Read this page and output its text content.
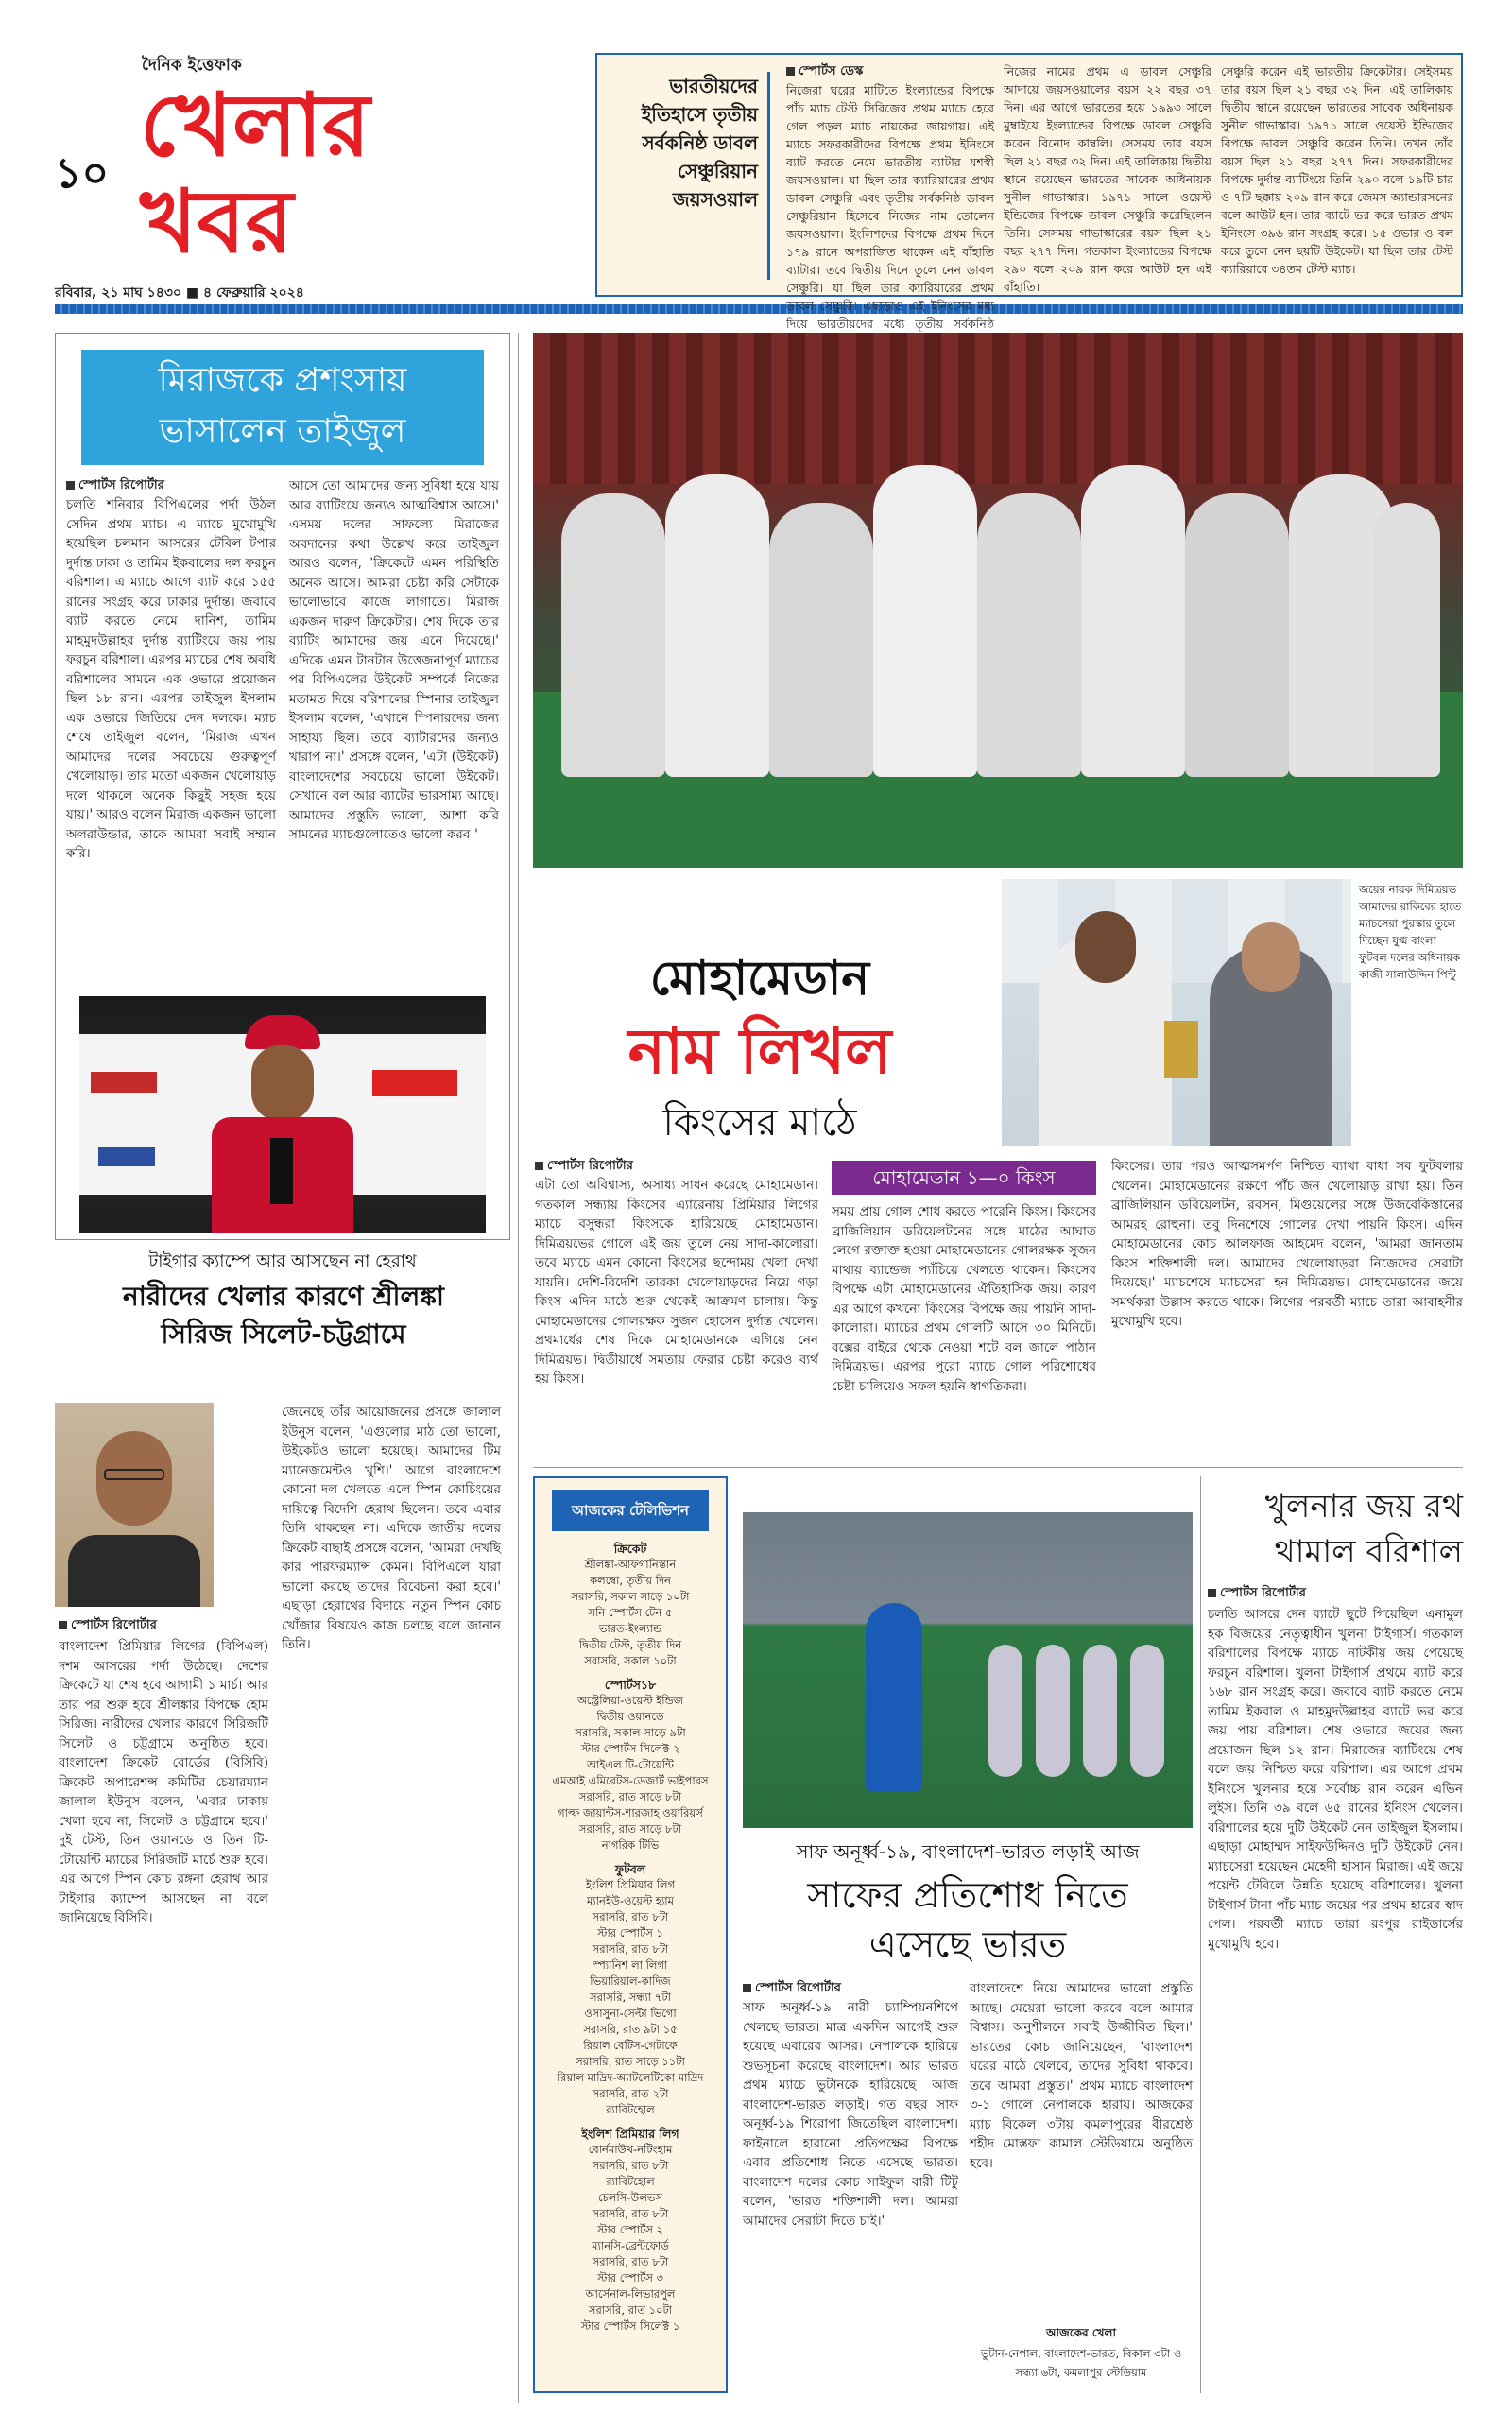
১০
দৈনিক ইত্তেফাক
খেলার
খবর
রবিবার, ২১ মাঘ ১৪৩০ ■ ৪ ফেব্রুয়ারি ২০২৪
ভারতীয়দের ইতিহাসে তৃতীয় সর্বকনিষ্ঠ ডাবল সেঞ্চুরিয়ান জয়সওয়াল
স্পোর্টস ডেস্ক
নিজেরা ঘরের মাটিতে ইংল্যান্ডের বিপক্ষে পাঁচ ম্যাচ টেস্ট সিরিজের প্রথম ম্যাচে হেরে গেল পড়ল ম্যাচ নায়কের জায়গায়। এই ম্যাচে সফরকারীদের বিপক্ষে প্রথম ইনিংসে ব্যাট করতে নেমে ভারতীয় ব্যাটার যশস্বী জয়সওয়াল। যা ছিল তার ক্যারিয়ারের প্রথম ডাবল সেঞ্চুরি এবং তৃতীয় সর্বকনিষ্ঠ ডাবল সেঞ্চুরিয়ান হিসেবে নিজের নাম তোলেন জয়সওয়াল। ইংলিশদের বিপক্ষে প্রথম দিনে ১৭৯ রানে অপরাজিত থাকেন এই বাঁহাতি ব্যাটার। তবে দ্বিতীয় দিনে তুলে নেন ডাবল সেঞ্চুরি। যা ছিল তার ক্যারিয়ারের প্রথম ডাবল সেঞ্চুরি। এছাড়াও এই ইনিংসের মধ্য দিয়ে ভারতীয়দের মধ্যে তৃতীয় সর্বকনিষ্ঠ
নিজের নামের প্রথম এ ডাবল সেঞ্চুরি আদায়ে জয়সওয়ালের বয়স ২২ বছর ৩৭ দিন। এর আগে ভারতের হয়ে ১৯৯৩ সালে মুম্বাইয়ে ইংল্যান্ডের বিপক্ষে ডাবল সেঞ্চুরি করেন বিনোদ কাম্বলি। সেসময় তার বয়স ছিল ২১ বছর ৩২ দিন। এই তালিকায় দ্বিতীয় স্থানে রয়েছেন ভারতের সাবেক অধিনায়ক সুনীল গাভাস্কার। ১৯৭১ সালে ওয়েস্ট ইন্ডিজের বিপক্ষে ডাবল সেঞ্চুরি করেছিলেন তিনি। সেসময় গাভাস্কারের বয়স ছিল ২১ বছর ২৭৭ দিন। গতকাল ইংল্যান্ডের বিপক্ষে ২৯০ বলে ২০৯ রান করে আউট হন এই বাঁহাতি।
সেঞ্চুরি করেন এই ভারতীয় ক্রিকেটার। সেইসময় তার বয়স ছিল ২১ বছর ৩২ দিন। এই তালিকায় দ্বিতীয় স্থানে রয়েছেন ভারতের সাবেক অধিনায়ক সুনীল গাভাস্কার। ১৯৭১ সালে ওয়েস্ট ইন্ডিজের বিপক্ষে ডাবল সেঞ্চুরি করেন তিনি। তখন তাঁর বয়স ছিল ২১ বছর ২৭৭ দিন। সফরকারীদের বিপক্ষে দুর্দান্ত ব্যাটিংয়ে তিনি ২৯০ বলে ১৯টি চার ও ৭টি ছক্কায় ২০৯ রান করে জেমস অ্যান্ডারসনের বলে আউট হন। তার ব্যাটে ভর করে ভারত প্রথম ইনিংসে ৩৯৬ রান সংগ্রহ করে। ১৫ ওভার ও বল করে তুলে নেন ছয়টি উইকেট। যা ছিল তার টেস্ট ক্যারিয়ারে ৩৪তম টেস্ট ম্যাচ।
মিরাজকে প্রশংসায়
ভাসালেন তাইজুল
স্পোর্টস রিপোর্টার
চলতি শনিবার বিপিএলের পর্দা উঠল সেদিন প্রথম ম্যাচ। এ ম্যাচে মুখোমুখি হয়েছিল চলমান আসরের টেবিল টপার দুর্দান্ত ঢাকা ও তামিম ইকবালের দল ফরচুন বরিশাল। এ ম্যাচে আগে ব্যাট করে ১৫৫ রানের সংগ্রহ করে ঢাকার দুর্দান্ত। জবাবে ব্যাট করতে নেমে দানিশ, তামিম মাহমুদউল্লাহর দুর্দান্ত ব্যাটিংয়ে জয় পায় ফরচুন বরিশাল। এরপর ম্যাচের শেষ অবধি বরিশালের সামনে এক ওভারে প্রয়োজন ছিল ১৮ রান। এরপর তাইজুল ইসলাম এক ওভারে জিতিয়ে দেন দলকে। ম্যাচ শেষে তাইজুল বলেন, 'মিরাজ এখন আমাদের দলের সবচেয়ে গুরুত্বপূর্ণ খেলোয়াড়। তার মতো একজন খেলোয়াড় দলে থাকলে অনেক কিছুই সহজ হয়ে যায়।' আরও বলেন মিরাজ একজন ভালো অলরাউন্ডার, তাকে আমরা সবাই সম্মান করি।
আসে তো আমাদের জন্য সুবিধা হয়ে যায় আর ব্যাটিংয়ে জন্যও আত্মবিশ্বাস আসে।' এসময় দলের সাফল্যে মিরাজের অবদানের কথা উল্লেখ করে তাইজুল আরও বলেন, 'ক্রিকেটে এমন পরিস্থিতি অনেক আসে। আমরা চেষ্টা করি সেটাকে ভালোভাবে কাজে লাগাতে। মিরাজ একজন দারুণ ক্রিকেটার। শেষ দিকে তার ব্যাটিং আমাদের জয় এনে দিয়েছে।' এদিকে এমন টানটান উত্তেজনাপূর্ণ ম্যাচের পর বিপিএলের উইকেট সম্পর্কে নিজের মতামত দিয়ে বরিশালের স্পিনার তাইজুল ইসলাম বলেন, 'এখানে স্পিনারদের জন্য সাহায্য ছিল। তবে ব্যাটারদের জন্যও খারাপ না।' প্রসঙ্গে বলেন, 'এটা (উইকেট) বাংলাদেশের সবচেয়ে ভালো উইকেট। সেখানে বল আর ব্যাটের ভারসাম্য আছে। আমাদের প্রস্তুতি ভালো, আশা করি সামনের ম্যাচগুলোতেও ভালো করব।'
টাইগার ক্যাম্পে আর আসছেন না হেরাথ
নারীদের খেলার কারণে শ্রীলঙ্কা সিরিজ সিলেট-চট্টগ্রামে
স্পোর্টস রিপোর্টার
বাংলাদেশ প্রিমিয়ার লিগের (বিপিএল) দশম আসরের পর্দা উঠেছে। দেশের ক্রিকেটে যা শেষ হবে আগামী ১ মার্চ। আর তার পর শুরু হবে শ্রীলঙ্কার বিপক্ষে হোম সিরিজ। নারীদের খেলার কারণে সিরিজটি সিলেট ও চট্টগ্রামে অনুষ্ঠিত হবে। বাংলাদেশ ক্রিকেট বোর্ডের (বিসিবি) ক্রিকেট অপারেশন্স কমিটির চেয়ারম্যান জালাল ইউনুস বলেন, 'এবার ঢাকায় খেলা হবে না, সিলেট ও চট্টগ্রামে হবে।' দুই টেস্ট, তিন ওয়ানডে ও তিন টি-টোয়েন্টি ম্যাচের সিরিজটি মার্চে শুরু হবে। এর আগে স্পিন কোচ রঙ্গনা হেরাথ আর টাইগার ক্যাম্পে আসছেন না বলে জানিয়েছে বিসিবি।
জেনেছে তাঁর আয়োজনের প্রসঙ্গে জালাল ইউনুস বলেন, 'এগুলোর মাঠ তো ভালো, উইকেটও ভালো হয়েছে। আমাদের টিম ম্যানেজমেন্টও খুশি।' আগে বাংলাদেশে কোনো দল খেলতে এলে স্পিন কোচিংয়ের দায়িত্বে বিদেশি হেরাথ ছিলেন। তবে এবার তিনি থাকছেন না। এদিকে জাতীয় দলের ক্রিকেট বাছাই প্রসঙ্গে বলেন, 'আমরা দেখছি কার পারফরম্যান্স কেমন। বিপিএলে যারা ভালো করছে তাদের বিবেচনা করা হবে।' এছাড়া হেরাথের বিদায়ে নতুন স্পিন কোচ খোঁজার বিষয়েও কাজ চলছে বলে জানান তিনি।
মোহামেডান
নাম লিখল
কিংসের মাঠে
জয়ের নায়ক দিমিত্রয়ভ আমাদের রাকিবের হাতে ম্যাচসেরা পুরস্কার তুলে দিচ্ছেন যুগ্ম বাংলা ফুটবল দলের অধিনায়ক কাজী সালাউদ্দিন পিন্টু
স্পোর্টস রিপোর্টার
এটা তো অবিশ্বাস্য, অসাধ্য সাধন করেছে মোহামেডান। গতকাল সন্ধ্যায় কিংসের এ্যারেনায় প্রিমিয়ার লিগের ম্যাচে বসুন্ধরা কিংসকে হারিয়েছে মোহামেডান। দিমিত্রয়ভের গোলে এই জয় তুলে নেয় সাদা-কালোরা। তবে ম্যাচে এমন কোনো কিংসের ছন্দোময় খেলা দেখা যায়নি। দেশি-বিদেশি তারকা খেলোয়াড়দের নিয়ে গড়া কিংস এদিন মাঠে শুরু থেকেই আক্রমণ চালায়। কিন্তু মোহামেডানের গোলরক্ষক সুজন হোসেন দুর্দান্ত খেলেন। প্রথমার্ধের শেষ দিকে মোহামেডানকে এগিয়ে নেন দিমিত্রয়ভ। দ্বিতীয়ার্ধে সমতায় ফেরার চেষ্টা করেও ব্যর্থ হয় কিংস।
মোহামেডান ১—০ কিংস
সময় প্রায় গোল শোধ করতে পারেনি কিংস। কিংসের ব্রাজিলিয়ান ডরিয়েলটনের সঙ্গে মাঠের আঘাত লেগে রক্তাক্ত হওয়া মোহামেডানের গোলরক্ষক সুজন মাথায় ব্যান্ডেজ প্যাঁচিয়ে খেলতে থাকেন। কিংসের বিপক্ষে এটা মোহামেডানের ঐতিহাসিক জয়। কারণ এর আগে কখনো কিংসের বিপক্ষে জয় পায়নি সাদা-কালোরা। ম্যাচের প্রথম গোলটি আসে ৩০ মিনিটে। বক্সের বাইরে থেকে নেওয়া শটে বল জালে পাঠান দিমিত্রয়ভ। এরপর পুরো ম্যাচে গোল পরিশোধের চেষ্টা চালিয়েও সফল হয়নি স্বাগতিকরা।
কিংসের। তার পরও আত্মসমর্পণ নিশ্চিত ব্যাথা বাধা সব ফুটবলার খেলেন। মোহামেডানের রক্ষণে পাঁচ জন খেলোয়াড় রাখা হয়। তিন ব্রাজিলিয়ান ডরিয়েলটন, রবসন, মিগুয়েলের সঙ্গে উজবেকিস্তানের আমরহ রোহুনা। তবু দিনশেষে গোলের দেখা পায়নি কিংস। এদিন মোহামেডানের কোচ আলফাজ আহমেদ বলেন, 'আমরা জানতাম কিংস শক্তিশালী দল। আমাদের খেলোয়াড়রা নিজেদের সেরাটা দিয়েছে।' ম্যাচশেষে ম্যাচসেরা হন দিমিত্রয়ভ। মোহামেডানের জয়ে সমর্থকরা উল্লাস করতে থাকে। লিগের পরবর্তী ম্যাচে তারা আবাহনীর মুখোমুখি হবে।
আজকের টেলিভিশন
ক্রিকেট
শ্রীলঙ্কা-আফগানিস্তান
কলম্বো, তৃতীয় দিন
সরাসরি, সকাল সাড়ে ১০টা
সনি স্পোর্টস টেন ৫
ভারত-ইংল্যান্ড
দ্বিতীয় টেস্ট, তৃতীয় দিন
সরাসরি, সকাল ১০টা
স্পোর্টস১৮
অস্ট্রেলিয়া-ওয়েস্ট ইন্ডিজ
দ্বিতীয় ওয়ানডে
সরাসরি, সকাল সাড়ে ৯টা
স্টার স্পোর্টস সিলেক্ট ২
আইএল টি-টোয়েন্টি
এমআই এমিরেটস-ডেজার্ট ভাইপারস
সরাসরি, রাত সাড়ে ৮টা
গাল্ফ জায়ান্টস-শারজাহ ওয়ারিয়র্স
সরাসরি, রাত সাড়ে ৮টা
নাগরিক টিভি
ফুটবল
ইংলিশ প্রিমিয়ার লিগ
ম্যানইউ-ওয়েস্ট হ্যাম
সরাসরি, রাত ৮টা
স্টার স্পোর্টস ১
সরাসরি, রাত ৮টা
স্প্যানিশ লা লিগা
ভিয়ারিয়াল-কাদিজ
সরাসরি, সন্ধ্যা ৭টা
ওসাসুনা-সেল্টা ভিগো
সরাসরি, রাত ৯টা ১৫
রিয়াল বেটিস-গেটাফে
সরাসরি, রাত সাড়ে ১১টা
রিয়াল মাদ্রিদ-অ্যাটলেটিকো মাদ্রিদ
সরাসরি, রাত ২টা
র‍্যাবিটহোল
ইংলিশ প্রিমিয়ার লিগ
বোর্নমাউথ-নটিংহাম
সরাসরি, রাত ৮টা
র‍্যাবিটহোল
চেলসি-উলভস
সরাসরি, রাত ৮টা
স্টার স্পোর্টস ২
ম্যানসি-ব্রেন্টফোর্ড
সরাসরি, রাত ৮টা
স্টার স্পোর্টস ৩
আর্সেনাল-লিভারপুল
সরাসরি, রাত ১০টা
স্টার স্পোর্টস সিলেক্ট ১
সাফ অনূর্ধ্ব-১৯, বাংলাদেশ-ভারত লড়াই আজ
সাফের প্রতিশোধ নিতে
এসেছে ভারত
স্পোর্টস রিপোর্টার
সাফ অনূর্ধ্ব-১৯ নারী চ্যাম্পিয়নশিপে খেলছে ভারত। মাত্র একদিন আগেই শুরু হয়েছে এবারের আসর। নেপালকে হারিয়ে শুভসূচনা করেছে বাংলাদেশ। আর ভারত প্রথম ম্যাচে ভুটানকে হারিয়েছে। আজ বাংলাদেশ-ভারত লড়াই। গত বছর সাফ অনূর্ধ্ব-১৯ শিরোপা জিতেছিল বাংলাদেশ। ফাইনালে হারানো প্রতিপক্ষের বিপক্ষে এবার প্রতিশোধ নিতে এসেছে ভারত। বাংলাদেশ দলের কোচ সাইফুল বারী টিটু বলেন, 'ভারত শক্তিশালী দল। আমরা আমাদের সেরাটা দিতে চাই।'
বাংলাদেশে নিয়ে আমাদের ভালো প্রস্তুতি আছে। মেয়েরা ভালো করবে বলে আমার বিশ্বাস। অনুশীলনে সবাই উজ্জীবিত ছিল।' ভারতের কোচ জানিয়েছেন, 'বাংলাদেশ ঘরের মাঠে খেলবে, তাদের সুবিধা থাকবে। তবে আমরা প্রস্তুত।' প্রথম ম্যাচে বাংলাদেশ ৩-১ গোলে নেপালকে হারায়। আজকের ম্যাচ বিকেল ৩টায় কমলাপুরের বীরশ্রেষ্ঠ শহীদ মোস্তফা কামাল স্টেডিয়ামে অনুষ্ঠিত হবে।
আজকের খেলা
ভুটান-নেপাল, বাংলাদেশ-ভারত, বিকাল ৩টা ও
সন্ধ্যা ৬টা, কমলাপুর স্টেডিয়াম
খুলনার জয় রথ
থামাল বরিশাল
স্পোর্টস রিপোর্টার
চলতি আসরে দেন ব্যাটে ছুটে গিয়েছিল এনামুল হক বিজয়ের নেতৃত্বাধীন খুলনা টাইগার্স। গতকাল বরিশালের বিপক্ষে ম্যাচে নাটকীয় জয় পেয়েছে ফরচুন বরিশাল। খুলনা টাইগার্স প্রথমে ব্যাট করে ১৬৮ রান সংগ্রহ করে। জবাবে ব্যাট করতে নেমে তামিম ইকবাল ও মাহমুদউল্লাহর ব্যাটে ভর করে জয় পায় বরিশাল। শেষ ওভারে জয়ের জন্য প্রয়োজন ছিল ১২ রান। মিরাজের ব্যাটিংয়ে শেষ বলে জয় নিশ্চিত করে বরিশাল। এর আগে প্রথম ইনিংসে খুলনার হয়ে সর্বোচ্চ রান করেন এভিন লুইস। তিনি ৩৯ বলে ৬৫ রানের ইনিংস খেলেন। বরিশালের হয়ে দুটি উইকেট নেন তাইজুল ইসলাম। এছাড়া মোহাম্মদ সাইফউদ্দিনও দুটি উইকেট নেন। ম্যাচসেরা হয়েছেন মেহেদী হাসান মিরাজ। এই জয়ে পয়েন্ট টেবিলে উন্নতি হয়েছে বরিশালের। খুলনা টাইগার্স টানা পাঁচ ম্যাচ জয়ের পর প্রথম হারের স্বাদ পেল। পরবর্তী ম্যাচে তারা রংপুর রাইডার্সের মুখোমুখি হবে।
